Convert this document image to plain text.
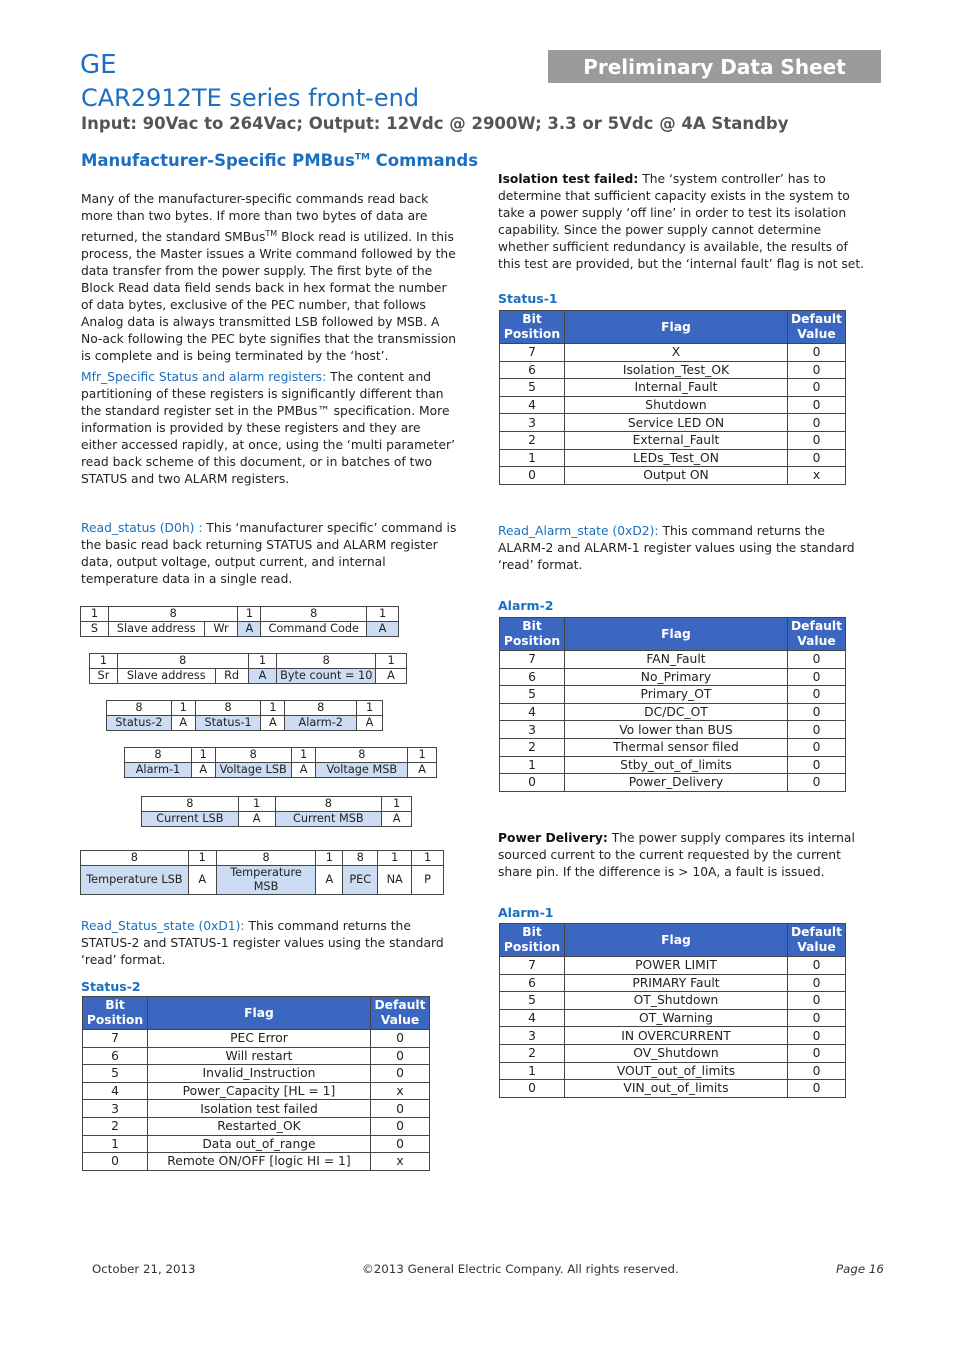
GE	Preliminary Data Sheet
CAR2912TE series front-end
Input: 90Vac to 264Vac; Output: 12Vdc @ 2900W; 3.3 or 5Vdc @ 4A Standby
Manufacturer-Specific PMBus™ Commands
Many of the manufacturer-specific commands read back more than two bytes. If more than two bytes of data are returned, the standard SMBus™ Block read is utilized. In this process, the Master issues a Write command followed by the data transfer from the power supply. The first byte of the Block Read data field sends back in hex format the number of data bytes, exclusive of the PEC number, that follows Analog data is always transmitted LSB followed by MSB. A No-ack following the PEC byte signifies that the transmission is complete and is being terminated by the ‘host’.
Mfr_Specific Status and alarm registers: The content and partitioning of these registers is significantly different than the standard register set in the PMBus™ specification. More information is provided by these registers and they are either accessed rapidly, at once, using the ‘multi parameter’ read back scheme of this document, or in batches of two STATUS and two ALARM registers.
Read_status (D0h) : This ‘manufacturer specific’ command is the basic read back returning STATUS and ALARM register data, output voltage, output current, and internal temperature data in a single read.
1	8		1	8	1
S	Slave address	Wr	A	Command Code	A
1	8		1	8	1
Sr	Slave address	Rd	A	Byte count = 10	A
8	1	8	1	8	1
Status-2	A	Status-1	A	Alarm-2	A
8	1	8	1	8	1
Alarm-1	A	Voltage LSB	A	Voltage MSB	A
8	1	8	1
Current LSB	A	Current MSB	A
8	1	8	1	8	1	1
Temperature LSB	A	Temperature MSB	A	PEC	NA	P
Read_Status_state (0xD1): This command returns the STATUS-2 and STATUS-1 register values using the standard ‘read’ format.
Status-2
Bit Position	Flag	Default Value
7	PEC Error	0
6	Will restart	0
5	Invalid_Instruction	0
4	Power_Capacity [HL = 1]	x
3	Isolation test failed	0
2	Restarted_OK	0
1	Data out_of_range	0
0	Remote ON/OFF [logic HI = 1]	x
Isolation test failed: The ‘system controller’ has to determine that sufficient capacity exists in the system to take a power supply ‘off line’ in order to test its isolation capability. Since the power supply cannot determine whether sufficient redundancy is available, the results of this test are provided, but the ‘internal fault’ flag is not set.
Status-1
Bit Position	Flag	Default Value
7	X	0
6	Isolation_Test_OK	0
5	Internal_Fault	0
4	Shutdown	0
3	Service LED ON	0
2	External_Fault	0
1	LEDs_Test_ON	0
0	Output ON	x
Read_Alarm_state (0xD2): This command returns the ALARM-2 and ALARM-1 register values using the standard ‘read’ format.
Alarm-2
Bit Position	Flag	Default Value
7	FAN_Fault	0
6	No_Primary	0
5	Primary_OT	0
4	DC/DC_OT	0
3	Vo lower than BUS	0
2	Thermal sensor filed	0
1	Stby_out_of_limits	0
0	Power_Delivery	0
Power Delivery: The power supply compares its internal sourced current to the current requested by the current share pin. If the difference is > 10A, a fault is issued.
Alarm-1
Bit Position	Flag	Default Value
7	POWER LIMIT	0
6	PRIMARY Fault	0
5	OT_Shutdown	0
4	OT_Warning	0
3	IN OVERCURRENT	0
2	OV_Shutdown	0
1	VOUT_out_of_limits	0
0	VIN_out_of_limits	0
October 21, 2013	©2013 General Electric Company. All rights reserved.	Page 16
